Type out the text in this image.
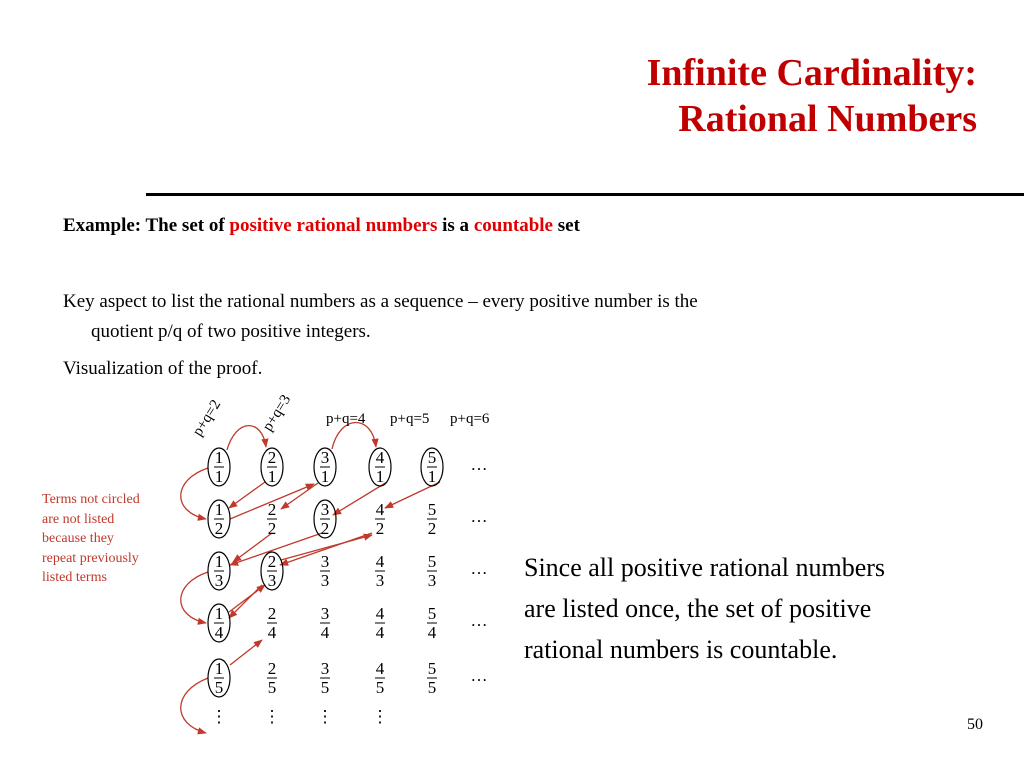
Infinite Cardinality:
Rational Numbers
Example: The set of positive rational numbers is a countable set
Key aspect to list the rational numbers as a sequence – every positive number is the
quotient p/q of two positive integers.
Visualization of the proof.
1
1
2
1
3
1
4
1
5
1
…
1
2
2
2
3
2
4
2
5
2
…
1
3
2
3
3
3
4
3
5
3
…
1
4
2
4
3
4
4
4
5
4
…
1
5
2
5
3
5
4
5
5
5
…
⋮ ⋮ ⋮ ⋮
p+q=2 p+q=3 p+q=4 p+q=5 p+q=6
Terms not circled
are not listed
because they
repeat previously
listed terms	Since all positive rational numbers
are listed once, the set of positive
rational numbers is countable.
50
